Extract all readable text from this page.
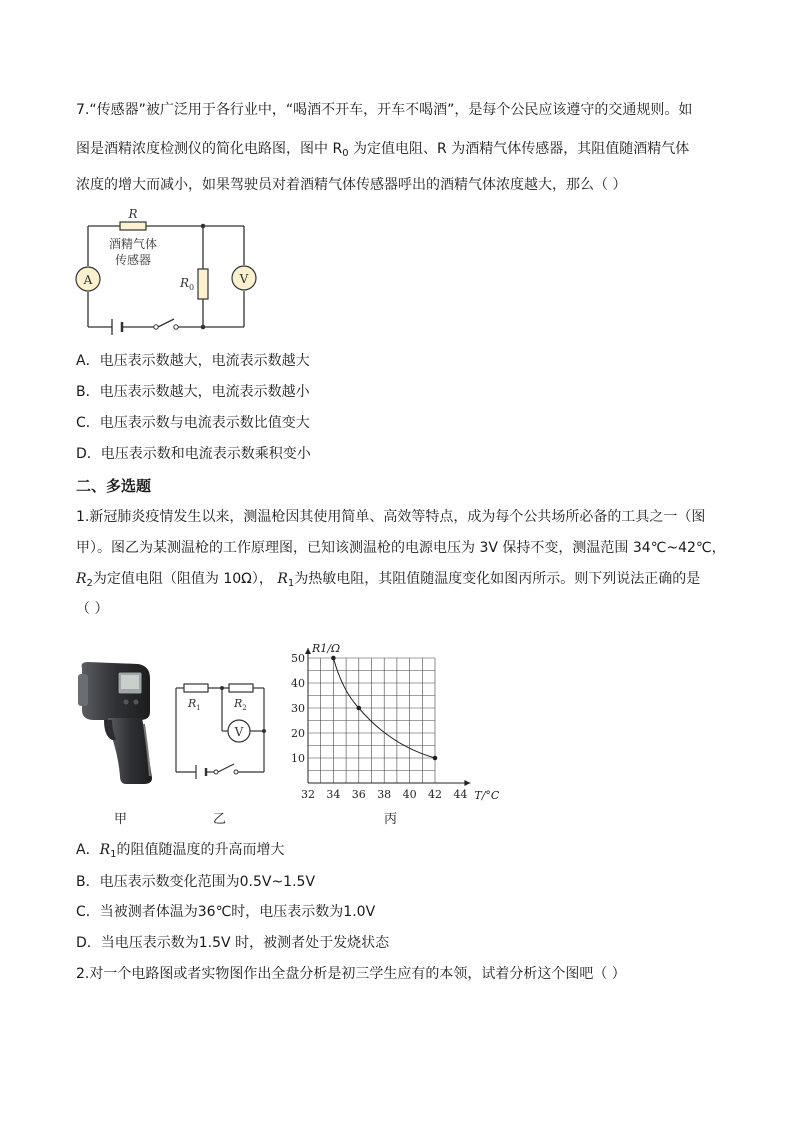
7.“传感器”被广泛用于各行业中，“喝酒不开车，开车不喝酒”，是每个公民应该遵守的交通规则。如
图是酒精浓度检测仪的简化电路图，图中 $R_0$ 为定值电阻、R 为酒精气体传感器，其阻值随酒精气体
浓度的增大而减小，如果驾驶员对着酒精气体传感器呼出的酒精气体浓度越大，那么（ ）
A	V
R
酒精气体
传感器
$R_0$
A．电压表示数越大，电流表示数越大
B．电压表示数越大，电流表示数越小
C．电压表示数与电流表示数比值变大
D．电压表示数和电流表示数乘积变小
二、多选题
1.新冠肺炎疫情发生以来，测温枪因其使用简单、高效等特点，成为每个公共场所必备的工具之一（图
甲）。图乙为某测温枪的工作原理图，已知该测温枪的电源电压为 3V 保持不变，测温范围 34℃~42℃，
$R_2$为定值电阻（阻值为 10Ω）， $R_1$为热敏电阻，其阻值随温度变化如图丙所示。则下列说法正确的是
（ ）
V
$R_1$	$R_2$
32 34 36 38 40 42 44
10
20
30
40
50
T/°C
R1/Ω
甲	乙	丙
A．$R_1$的阻值随温度的升高而增大
B．电压表示数变化范围为0.5V~1.5V
C．当被测者体温为36℃时，电压表示数为1.0V
D．当电压表示数为1.5V 时，被测者处于发烧状态
2.对一个电路图或者实物图作出全盘分析是初三学生应有的本领，试着分析这个图吧（ ）
